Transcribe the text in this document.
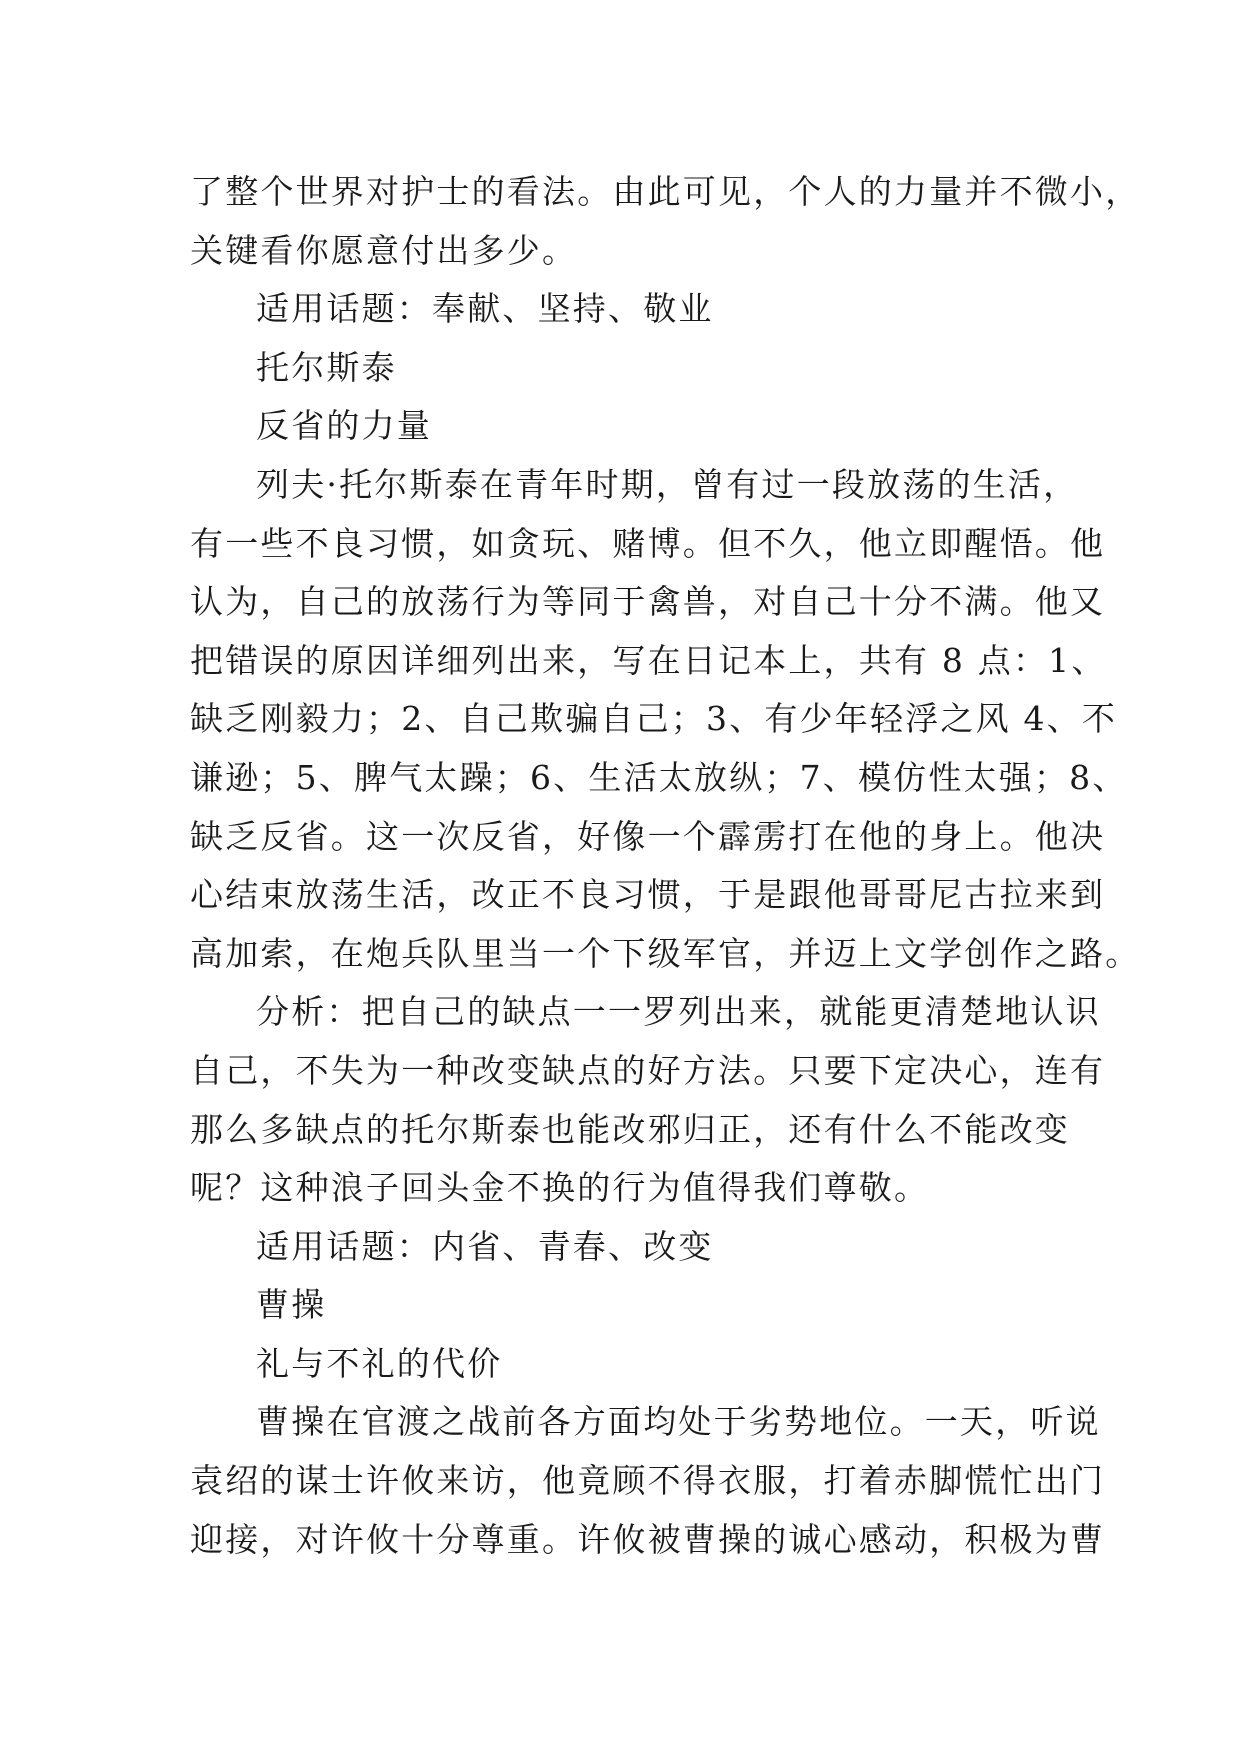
了整个世界对护士的看法。由此可见，个人的力量并不微小，
关键看你愿意付出多少。
适用话题：奉献、坚持、敬业
托尔斯泰
反省的力量
列夫·托尔斯泰在青年时期，曾有过一段放荡的生活，
有一些不良习惯，如贪玩、赌博。但不久，他立即醒悟。他
认为，自己的放荡行为等同于禽兽，对自己十分不满。他又
把错误的原因详细列出来，写在日记本上，共有 8 点：1、
缺乏刚毅力；2、自己欺骗自己；3、有少年轻浮之风 4、不
谦逊；5、脾气太躁；6、生活太放纵；7、模仿性太强；8、
缺乏反省。这一次反省，好像一个霹雳打在他的身上。他决
心结束放荡生活，改正不良习惯，于是跟他哥哥尼古拉来到
高加索，在炮兵队里当一个下级军官，并迈上文学创作之路。
分析：把自己的缺点一一罗列出来，就能更清楚地认识
自己，不失为一种改变缺点的好方法。只要下定决心，连有
那么多缺点的托尔斯泰也能改邪归正，还有什么不能改变
呢？这种浪子回头金不换的行为值得我们尊敬。
适用话题：内省、青春、改变
曹操
礼与不礼的代价
曹操在官渡之战前各方面均处于劣势地位。一天，听说
袁绍的谋士许攸来访，他竟顾不得衣服，打着赤脚慌忙出门
迎接，对许攸十分尊重。许攸被曹操的诚心感动，积极为曹
